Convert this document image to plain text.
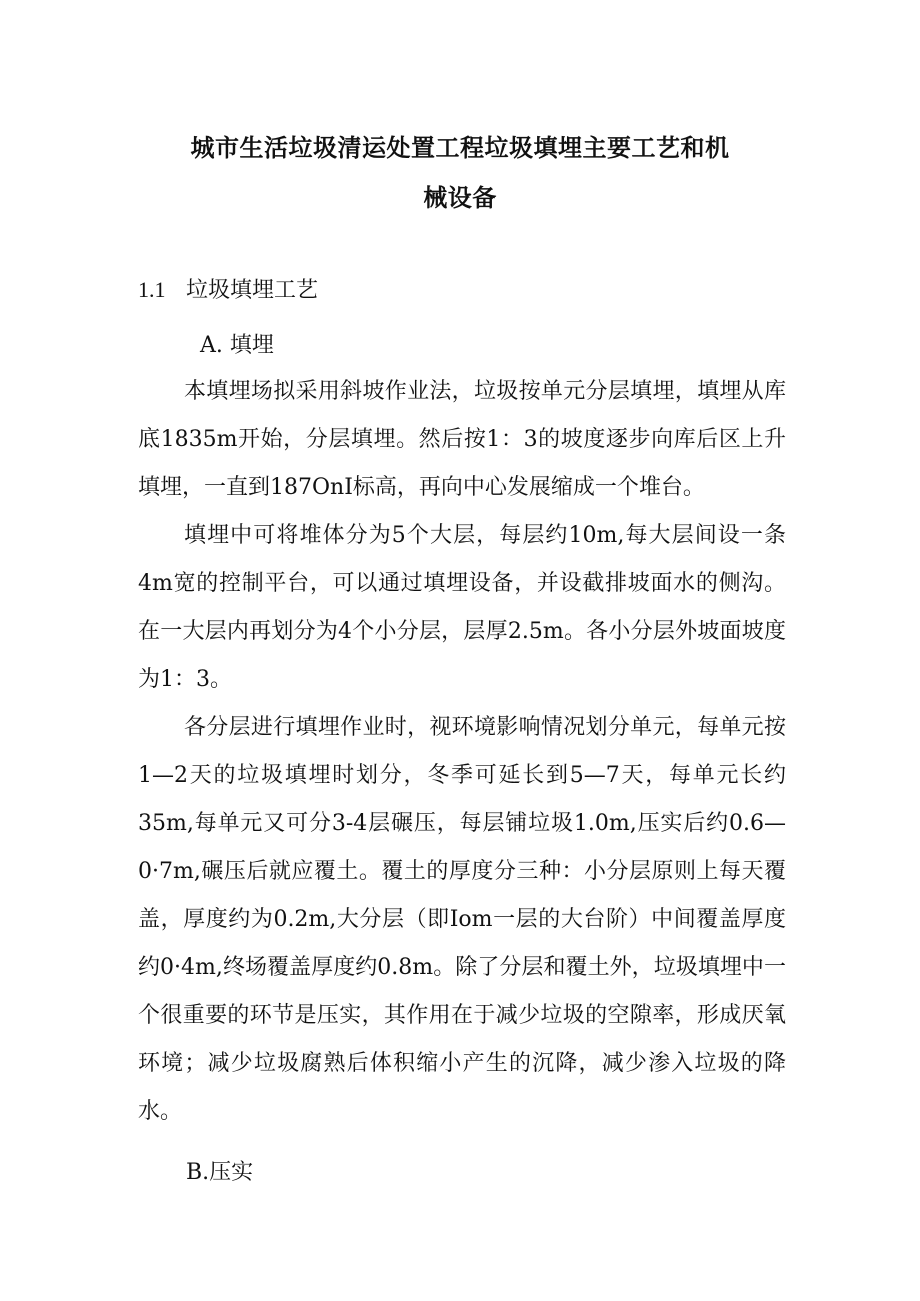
城市生活垃圾清运处置工程垃圾填埋主要工艺和机
械设备
1.1 垃圾填埋工艺
A. 填埋

本填埋场拟采用斜坡作业法，垃圾按单元分层填埋，填埋从库底1835m开始，分层填埋。然后按1：3的坡度逐步向库后区上升填埋，一直到187OnI标高，再向中心发展缩成一个堆台。

填埋中可将堆体分为5个大层，每层约10m,每大层间设一条4m宽的控制平台，可以通过填埋设备，并设截排坡面水的侧沟。在一大层内再划分为4个小分层，层厚2.5m。各小分层外坡面坡度为1：3。

各分层进行填埋作业时，视环境影响情况划分单元，每单元按1—2天的垃圾填埋时划分，冬季可延长到5—7天，每单元长约35m,每单元又可分3-4层碾压，每层铺垃圾1.0m,压实后约0.6—0·7m,碾压后就应覆土。覆土的厚度分三种：小分层原则上每天覆盖，厚度约为0.2m,大分层（即Iom一层的大台阶）中间覆盖厚度约0·4m,终场覆盖厚度约0.8m。除了分层和覆土外，垃圾填埋中一个很重要的环节是压实，其作用在于减少垃圾的空隙率，形成厌氧环境；减少垃圾腐熟后体积缩小产生的沉降，减少渗入垃圾的降水。

B.压实
